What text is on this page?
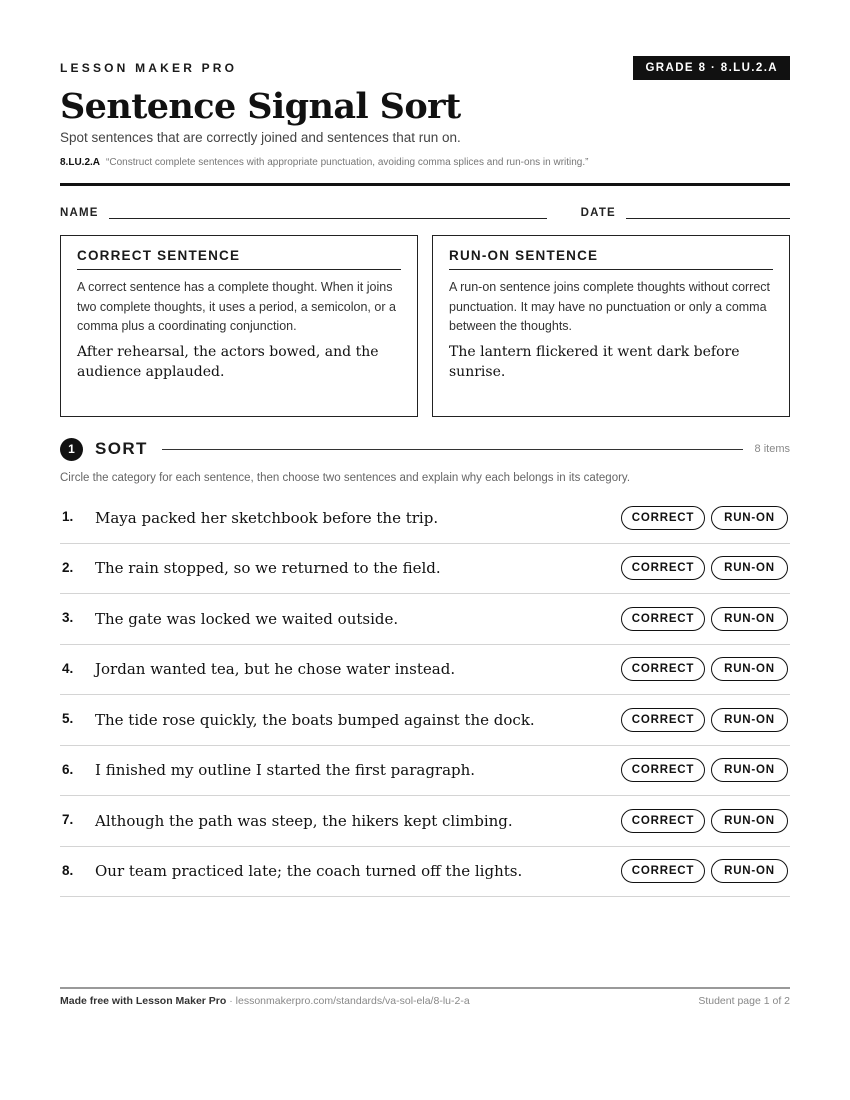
LESSON MAKER PRO	GRADE 8 · 8.LU.2.A
Sentence Signal Sort
Spot sentences that are correctly joined and sentences that run on.
8.LU.2.A “Construct complete sentences with appropriate punctuation, avoiding comma splices and run-ons in writing.”
NAME	DATE
CORRECT SENTENCE
A correct sentence has a complete thought. When it joins two complete thoughts, it uses a period, a semicolon, or a comma plus a coordinating conjunction.
After rehearsal, the actors bowed, and the audience applauded.
RUN-ON SENTENCE
A run-on sentence joins complete thoughts without correct punctuation. It may have no punctuation or only a comma between the thoughts.
The lantern flickered it went dark before sunrise.
1	SORT	8 items
Circle the category for each sentence, then choose two sentences and explain why each belongs in its category.
1.	Maya packed her sketchbook before the trip.	CORRECT	RUN-ON
2.	The rain stopped, so we returned to the field.	CORRECT	RUN-ON
3.	The gate was locked we waited outside.	CORRECT	RUN-ON
4.	Jordan wanted tea, but he chose water instead.	CORRECT	RUN-ON
5.	The tide rose quickly, the boats bumped against the dock.	CORRECT	RUN-ON
6.	I finished my outline I started the first paragraph.	CORRECT	RUN-ON
7.	Although the path was steep, the hikers kept climbing.	CORRECT	RUN-ON
8.	Our team practiced late; the coach turned off the lights.	CORRECT	RUN-ON
Made free with Lesson Maker Pro · lessonmakerpro.com/standards/va-sol-ela/8-lu-2-a	Student page 1 of 2
